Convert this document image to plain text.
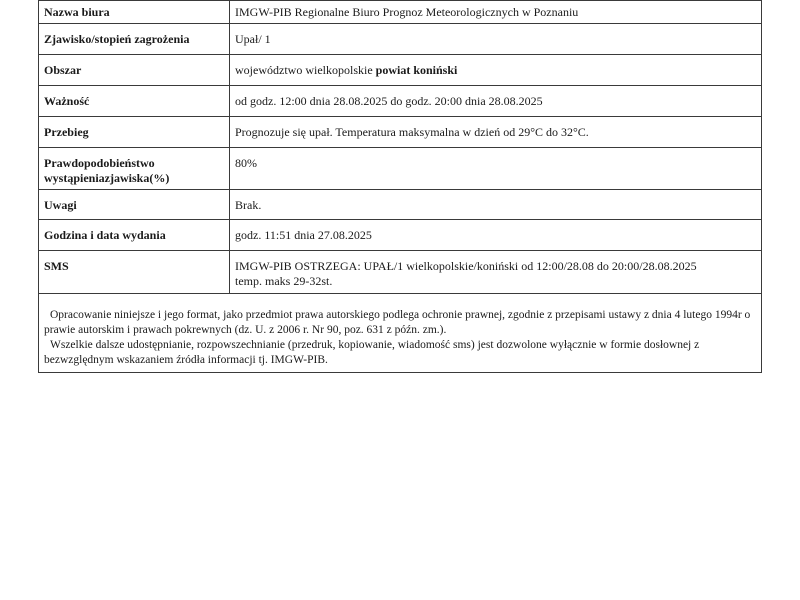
Nazwa biura	IMGW-PIB Regionalne Biuro Prognoz Meteorologicznych w Poznaniu
Zjawisko/stopień zagrożenia	Upał/ 1
Obszar	województwo wielkopolskie powiat koniński
Ważność	od godz. 12:00 dnia 28.08.2025 do godz. 20:00 dnia 28.08.2025
Przebieg	Prognozuje się upał. Temperatura maksymalna w dzień od 29°C do 32°C.

Prawdopodobieństwo
wystąpieniazjawiska(%)	80%
Uwagi	Brak.
Godzina i data wydania	godz. 11:51 dnia 27.08.2025
SMS	IMGW-PIB OSTRZEGA: UPAŁ/1 wielkopolskie/koniński od 12:00/28.08 do 20:00/28.08.2025
temp. maks 29-32st.

Opracowanie niniejsze i jego format, jako przedmiot prawa autorskiego podlega ochronie prawnej, zgodnie z przepisami ustawy z dnia 4 lutego 1994r o prawie autorskim i prawach pokrewnych (dz. U. z 2006 r. Nr 90, poz. 631 z późn. zm.).

Wszelkie dalsze udostępnianie, rozpowszechnianie (przedruk, kopiowanie, wiadomość sms) jest dozwolone wyłącznie w formie dosłownej z bezwzględnym wskazaniem źródła informacji tj. IMGW-PIB.	
